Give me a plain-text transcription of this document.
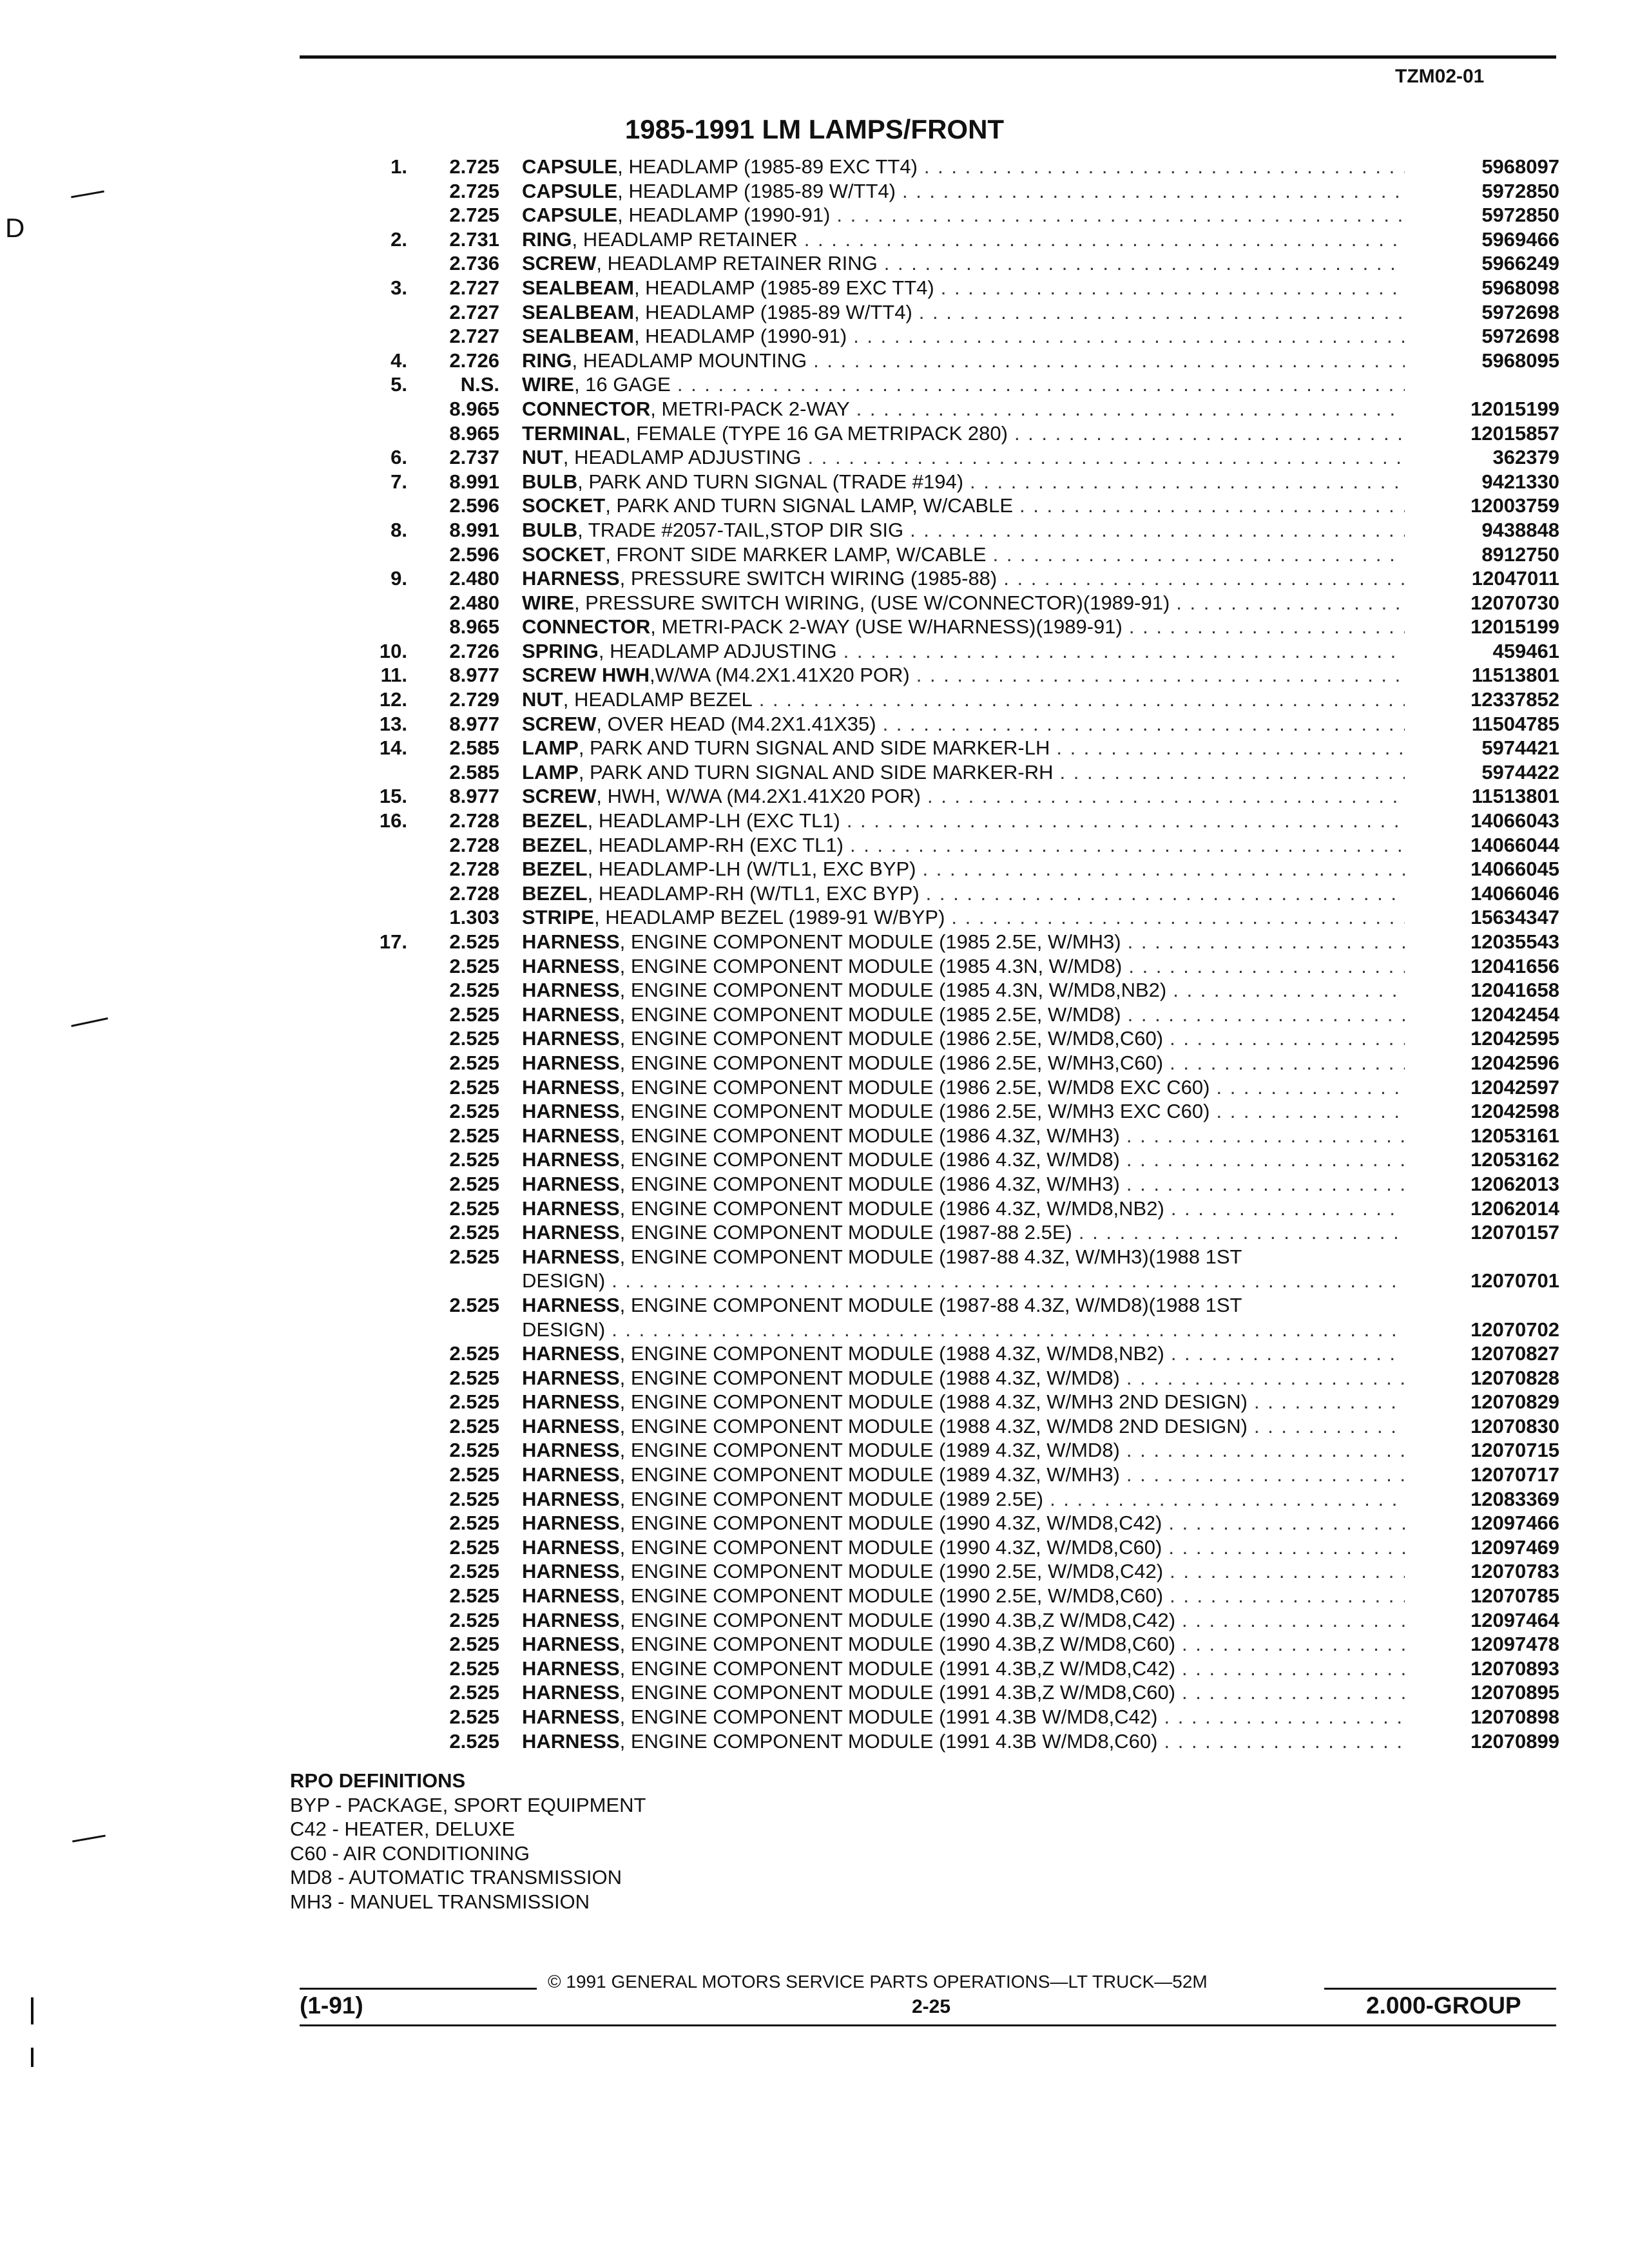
TZM02-01
1985-1991 LM LAMPS/FRONT
D
1.	2.725 CAPSULE, HEADLAMP (1985-89 EXC TT4) . . .	5968097
2.725 CAPSULE, HEADLAMP (1985-89 W/TT4) . . .	5972850
2.725 CAPSULE, HEADLAMP (1990-91) . . .	5972850
2.	2.731 RING, HEADLAMP RETAINER . . .	5969466
2.736 SCREW, HEADLAMP RETAINER RING . . .	5966249
3.	2.727 SEALBEAM, HEADLAMP (1985-89 EXC TT4) . . .	5968098
2.727 SEALBEAM, HEADLAMP (1985-89 W/TT4) . . .	5972698
2.727 SEALBEAM, HEADLAMP (1990-91) . . .	5972698
4.	2.726 RING, HEADLAMP MOUNTING . . .	5968095
5.	N.S. WIRE, 16 GAGE
. . .
8.965 CONNECTOR, METRI-PACK 2-WAY . . .	12015199
8.965 TERMINAL, FEMALE (TYPE 16 GA METRIPACK 280) . . .	12015857
6.	2.737 NUT, HEADLAMP ADJUSTING . . .	362379
7.	8.991 BULB, PARK AND TURN SIGNAL (TRADE #194) . . .	9421330
2.596 SOCKET, PARK AND TURN SIGNAL LAMP, W/CABLE . . .	12003759
8.	8.991 BULB, TRADE #2057-TAIL,STOP DIR SIG . . .	9438848
2.596 SOCKET, FRONT SIDE MARKER LAMP, W/CABLE . . .	8912750
9.	2.480 HARNESS, PRESSURE SWITCH WIRING (1985-88) . . .	12047011
2.480 WIRE, PRESSURE SWITCH WIRING, (USE W/CONNECTOR)(1989-91) . . .	12070730
8.965 CONNECTOR, METRI-PACK 2-WAY (USE W/HARNESS)(1989-91) . . .	12015199
10.	2.726 SPRING, HEADLAMP ADJUSTING . . .	459461
11.	8.977 SCREW HWH,W/WA (M4.2X1.41X20 POR) . . .	11513801
12.	2.729 NUT, HEADLAMP BEZEL . . .	12337852
13.	8.977 SCREW, OVER HEAD (M4.2X1.41X35) . . .	11504785
14.	2.585 LAMP, PARK AND TURN SIGNAL AND SIDE MARKER-LH . . .	5974421
2.585 LAMP, PARK AND TURN SIGNAL AND SIDE MARKER-RH . . .	5974422
15.	8.977 SCREW, HWH, W/WA (M4.2X1.41X20 POR) . . .	11513801
16.	2.728 BEZEL, HEADLAMP-LH (EXC TL1) . . .	14066043
2.728 BEZEL, HEADLAMP-RH (EXC TL1) . . .	14066044
2.728 BEZEL, HEADLAMP-LH (W/TL1, EXC BYP) . . .	14066045
2.728 BEZEL, HEADLAMP-RH (W/TL1, EXC BYP) . . .	14066046
1.303 STRIPE, HEADLAMP BEZEL (1989-91 W/BYP) . . .	15634347
17.	2.525 HARNESS, ENGINE COMPONENT MODULE (1985 2.5E, W/MH3) . . .	12035543
2.525 HARNESS, ENGINE COMPONENT MODULE (1985 4.3N, W/MD8) . . .	12041656
2.525 HARNESS, ENGINE COMPONENT MODULE (1985 4.3N, W/MD8,NB2) . . .	12041658
2.525 HARNESS, ENGINE COMPONENT MODULE (1985 2.5E, W/MD8) . . .	12042454
2.525 HARNESS, ENGINE COMPONENT MODULE (1986 2.5E, W/MD8,C60) . . .	12042595
2.525 HARNESS, ENGINE COMPONENT MODULE (1986 2.5E, W/MH3,C60) . . .	12042596
2.525 HARNESS, ENGINE COMPONENT MODULE (1986 2.5E, W/MD8 EXC C60) . . .	12042597
2.525 HARNESS, ENGINE COMPONENT MODULE (1986 2.5E, W/MH3 EXC C60) . . .	12042598
2.525 HARNESS, ENGINE COMPONENT MODULE (1986 4.3Z, W/MH3) . . .	12053161
2.525 HARNESS, ENGINE COMPONENT MODULE (1986 4.3Z, W/MD8) . . .	12053162
2.525 HARNESS, ENGINE COMPONENT MODULE (1986 4.3Z, W/MH3) . . .	12062013
2.525 HARNESS, ENGINE COMPONENT MODULE (1986 4.3Z, W/MD8,NB2) . . .	12062014
2.525 HARNESS, ENGINE COMPONENT MODULE (1987-88 2.5E) . . .	12070157
2.525 HARNESS, ENGINE COMPONENT MODULE (1987-88 4.3Z, W/MH3)(1988 1ST
DESIGN) . . .	12070701
2.525 HARNESS, ENGINE COMPONENT MODULE (1987-88 4.3Z, W/MD8)(1988 1ST
DESIGN) . . .	12070702
2.525 HARNESS, ENGINE COMPONENT MODULE (1988 4.3Z, W/MD8,NB2) . . .	12070827
2.525 HARNESS, ENGINE COMPONENT MODULE (1988 4.3Z, W/MD8) . . .	12070828
2.525 HARNESS, ENGINE COMPONENT MODULE (1988 4.3Z, W/MH3 2ND DESIGN) . . .	12070829
2.525 HARNESS, ENGINE COMPONENT MODULE (1988 4.3Z, W/MD8 2ND DESIGN) . . .	12070830
2.525 HARNESS, ENGINE COMPONENT MODULE (1989 4.3Z, W/MD8) . . .	12070715
2.525 HARNESS, ENGINE COMPONENT MODULE (1989 4.3Z, W/MH3) . . .	12070717
2.525 HARNESS, ENGINE COMPONENT MODULE (1989 2.5E) . . .	12083369
2.525 HARNESS, ENGINE COMPONENT MODULE (1990 4.3Z, W/MD8,C42) . . .	12097466
2.525 HARNESS, ENGINE COMPONENT MODULE (1990 4.3Z, W/MD8,C60) . . .	12097469
2.525 HARNESS, ENGINE COMPONENT MODULE (1990 2.5E, W/MD8,C42) . . .	12070783
2.525 HARNESS, ENGINE COMPONENT MODULE (1990 2.5E, W/MD8,C60) . . .	12070785
2.525 HARNESS, ENGINE COMPONENT MODULE (1990 4.3B,Z W/MD8,C42) . . .	12097464
2.525 HARNESS, ENGINE COMPONENT MODULE (1990 4.3B,Z W/MD8,C60) . . .	12097478
2.525 HARNESS, ENGINE COMPONENT MODULE (1991 4.3B,Z W/MD8,C42) . . .	12070893
2.525 HARNESS, ENGINE COMPONENT MODULE (1991 4.3B,Z W/MD8,C60) . . .	12070895
2.525 HARNESS, ENGINE COMPONENT MODULE (1991 4.3B W/MD8,C42) . . .	12070898
2.525 HARNESS, ENGINE COMPONENT MODULE (1991 4.3B W/MD8,C60) . . .	12070899
RPO DEFINITIONS
BYP - PACKAGE, SPORT EQUIPMENT
C42 - HEATER, DELUXE
C60 - AIR CONDITIONING
MD8 - AUTOMATIC TRANSMISSION
MH3 - MANUEL TRANSMISSION
© 1991 GENERAL MOTORS SERVICE PARTS OPERATIONS—LT TRUCK—52M
(1-91)	2-25	2.000-GROUP
